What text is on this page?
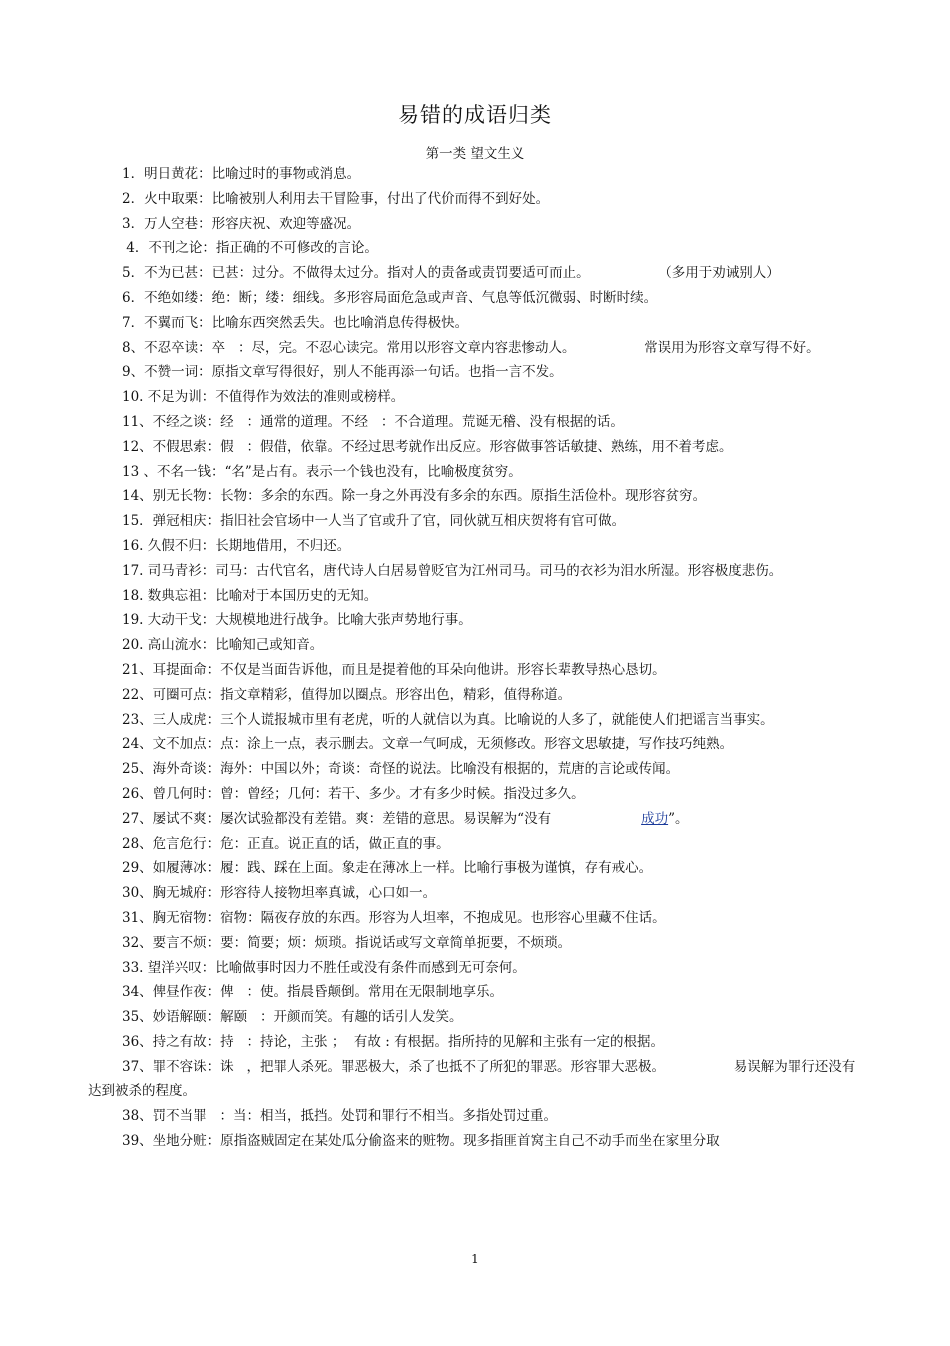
易错的成语归类
第一类 望文生义
1．明日黄花：比喻过时的事物或消息。
2．火中取栗：比喻被别人利用去干冒险事，付出了代价而得不到好处。
3．万人空巷：形容庆祝、欢迎等盛况。
4．不刊之论：指正确的不可修改的言论。
5．不为已甚：已甚：过分。不做得太过分。指对人的责备或责罚要适可而止。                （多用于劝诫别人）
6．不绝如缕：绝：断；缕：细线。多形容局面危急或声音、气息等低沉微弱、时断时续。
7．不翼而飞：比喻东西突然丢失。也比喻消息传得极快。
8、不忍卒读：卒   ：尽，完。不忍心读完。常用以形容文章内容悲惨动人。                常误用为形容文章写得不好。
9、不赞一词：原指文章写得很好，别人不能再添一句话。也指一言不发。
10. 不足为训：不值得作为效法的准则或榜样。
11、不经之谈：经   ：通常的道理。不经   ：不合道理。荒诞无稽、没有根据的话。
12、不假思索：假   ：假借，依靠。不经过思考就作出反应。形容做事答话敏捷、熟练，用不着考虑。
13 、不名一钱：“名”是占有。表示一个钱也没有，比喻极度贫穷。
14、别无长物：长物：多余的东西。除一身之外再没有多余的东西。原指生活俭朴。现形容贫穷。
15．弹冠相庆：指旧社会官场中一人当了官或升了官，同伙就互相庆贺将有官可做。
16. 久假不归：长期地借用，不归还。
17. 司马青衫：司马：古代官名，唐代诗人白居易曾贬官为江州司马。司马的衣衫为泪水所湿。形容极度悲伤。
18. 数典忘祖：比喻对于本国历史的无知。
19. 大动干戈：大规模地进行战争。比喻大张声势地行事。
20. 高山流水：比喻知己或知音。
21、耳提面命：不仅是当面告诉他，而且是提着他的耳朵向他讲。形容长辈教导热心恳切。
22、可圈可点：指文章精彩，值得加以圈点。形容出色，精彩，值得称道。
23、三人成虎：三个人谎报城市里有老虎，听的人就信以为真。比喻说的人多了，就能使人们把谣言当事实。
24、文不加点：点：涂上一点，表示删去。文章一气呵成，无须修改。形容文思敏捷，写作技巧纯熟。
25、海外奇谈：海外：中国以外；奇谈：奇怪的说法。比喻没有根据的，荒唐的言论或传闻。
26、曾几何时：曾：曾经；几何：若干、多少。才有多少时候。指没过多久。
27、屡试不爽：屡次试验都没有差错。爽：差错的意思。易误解为“没有	成功”。
28、危言危行：危：正直。说正直的话，做正直的事。
29、如履薄冰：履：践、踩在上面。象走在薄冰上一样。比喻行事极为谨慎，存有戒心。
30、胸无城府：形容待人接物坦率真诚，心口如一。
31、胸无宿物：宿物：隔夜存放的东西。形容为人坦率，不抱成见。也形容心里藏不住话。
32、要言不烦：要：简要；烦：烦琐。指说话或写文章简单扼要，不烦琐。
33. 望洋兴叹：比喻做事时因力不胜任或没有条件而感到无可奈何。
34、俾昼作夜：俾   ：使。指晨昏颠倒。常用在无限制地享乐。
35、妙语解颐：解颐   ：开颜而笑。有趣的话引人发笑。
36、持之有故：持   ：持论，主张 ；  有故 : 有根据。指所持的见解和主张有一定的根据。
37、罪不容诛：诛   ，把罪人杀死。罪恶极大，杀了也抵不了所犯的罪恶。形容罪大恶极。                易误解为罪行还没有达到被杀的程度。
38、罚不当罪   ：当：相当，抵挡。处罚和罪行不相当。多指处罚过重。
39、坐地分赃：原指盗贼固定在某处瓜分偷盗来的赃物。现多指匪首窝主自己不动手而坐在家里分取
1
